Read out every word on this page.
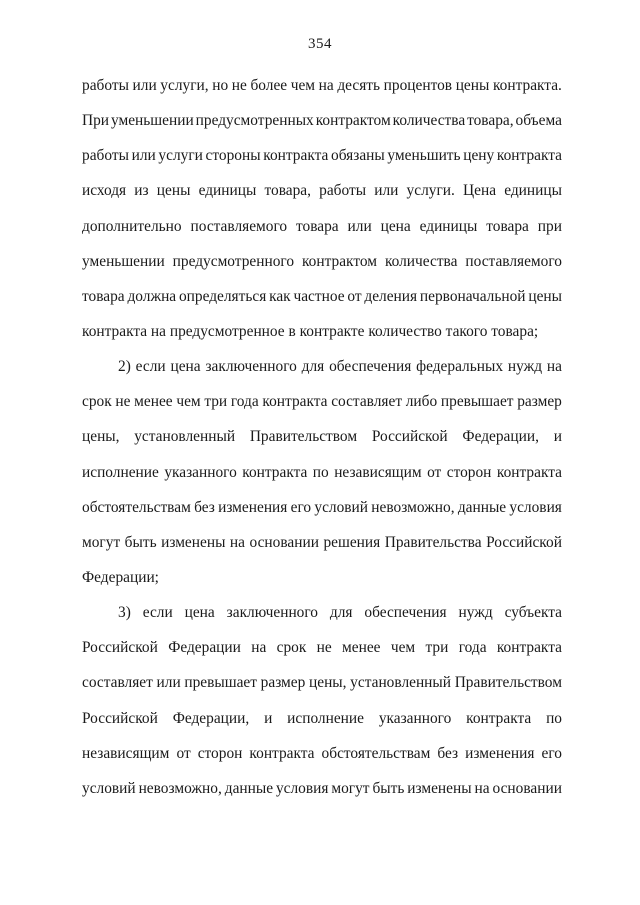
354
работы или услуги, но не более чем на десять процентов цены контракта.
При уменьшении предусмотренных контрактом количества товара, объема
работы или услуги стороны контракта обязаны уменьшить цену контракта
исходя из цены единицы товара, работы или услуги. Цена единицы
дополнительно поставляемого товара или цена единицы товара при
уменьшении предусмотренного контрактом количества поставляемого
товара должна определяться как частное от деления первоначальной цены
контракта на предусмотренное в контракте количество такого товара;
2) если цена заключенного для обеспечения федеральных нужд на
срок не менее чем три года контракта составляет либо превышает размер
цены, установленный Правительством Российской Федерации, и
исполнение указанного контракта по независящим от сторон контракта
обстоятельствам без изменения его условий невозможно, данные условия
могут быть изменены на основании решения Правительства Российской
Федерации;
3) если цена заключенного для обеспечения нужд субъекта
Российской Федерации на срок не менее чем три года контракта
составляет или превышает размер цены, установленный Правительством
Российской Федерации, и исполнение указанного контракта по
независящим от сторон контракта обстоятельствам без изменения его
условий невозможно, данные условия могут быть изменены на основании
